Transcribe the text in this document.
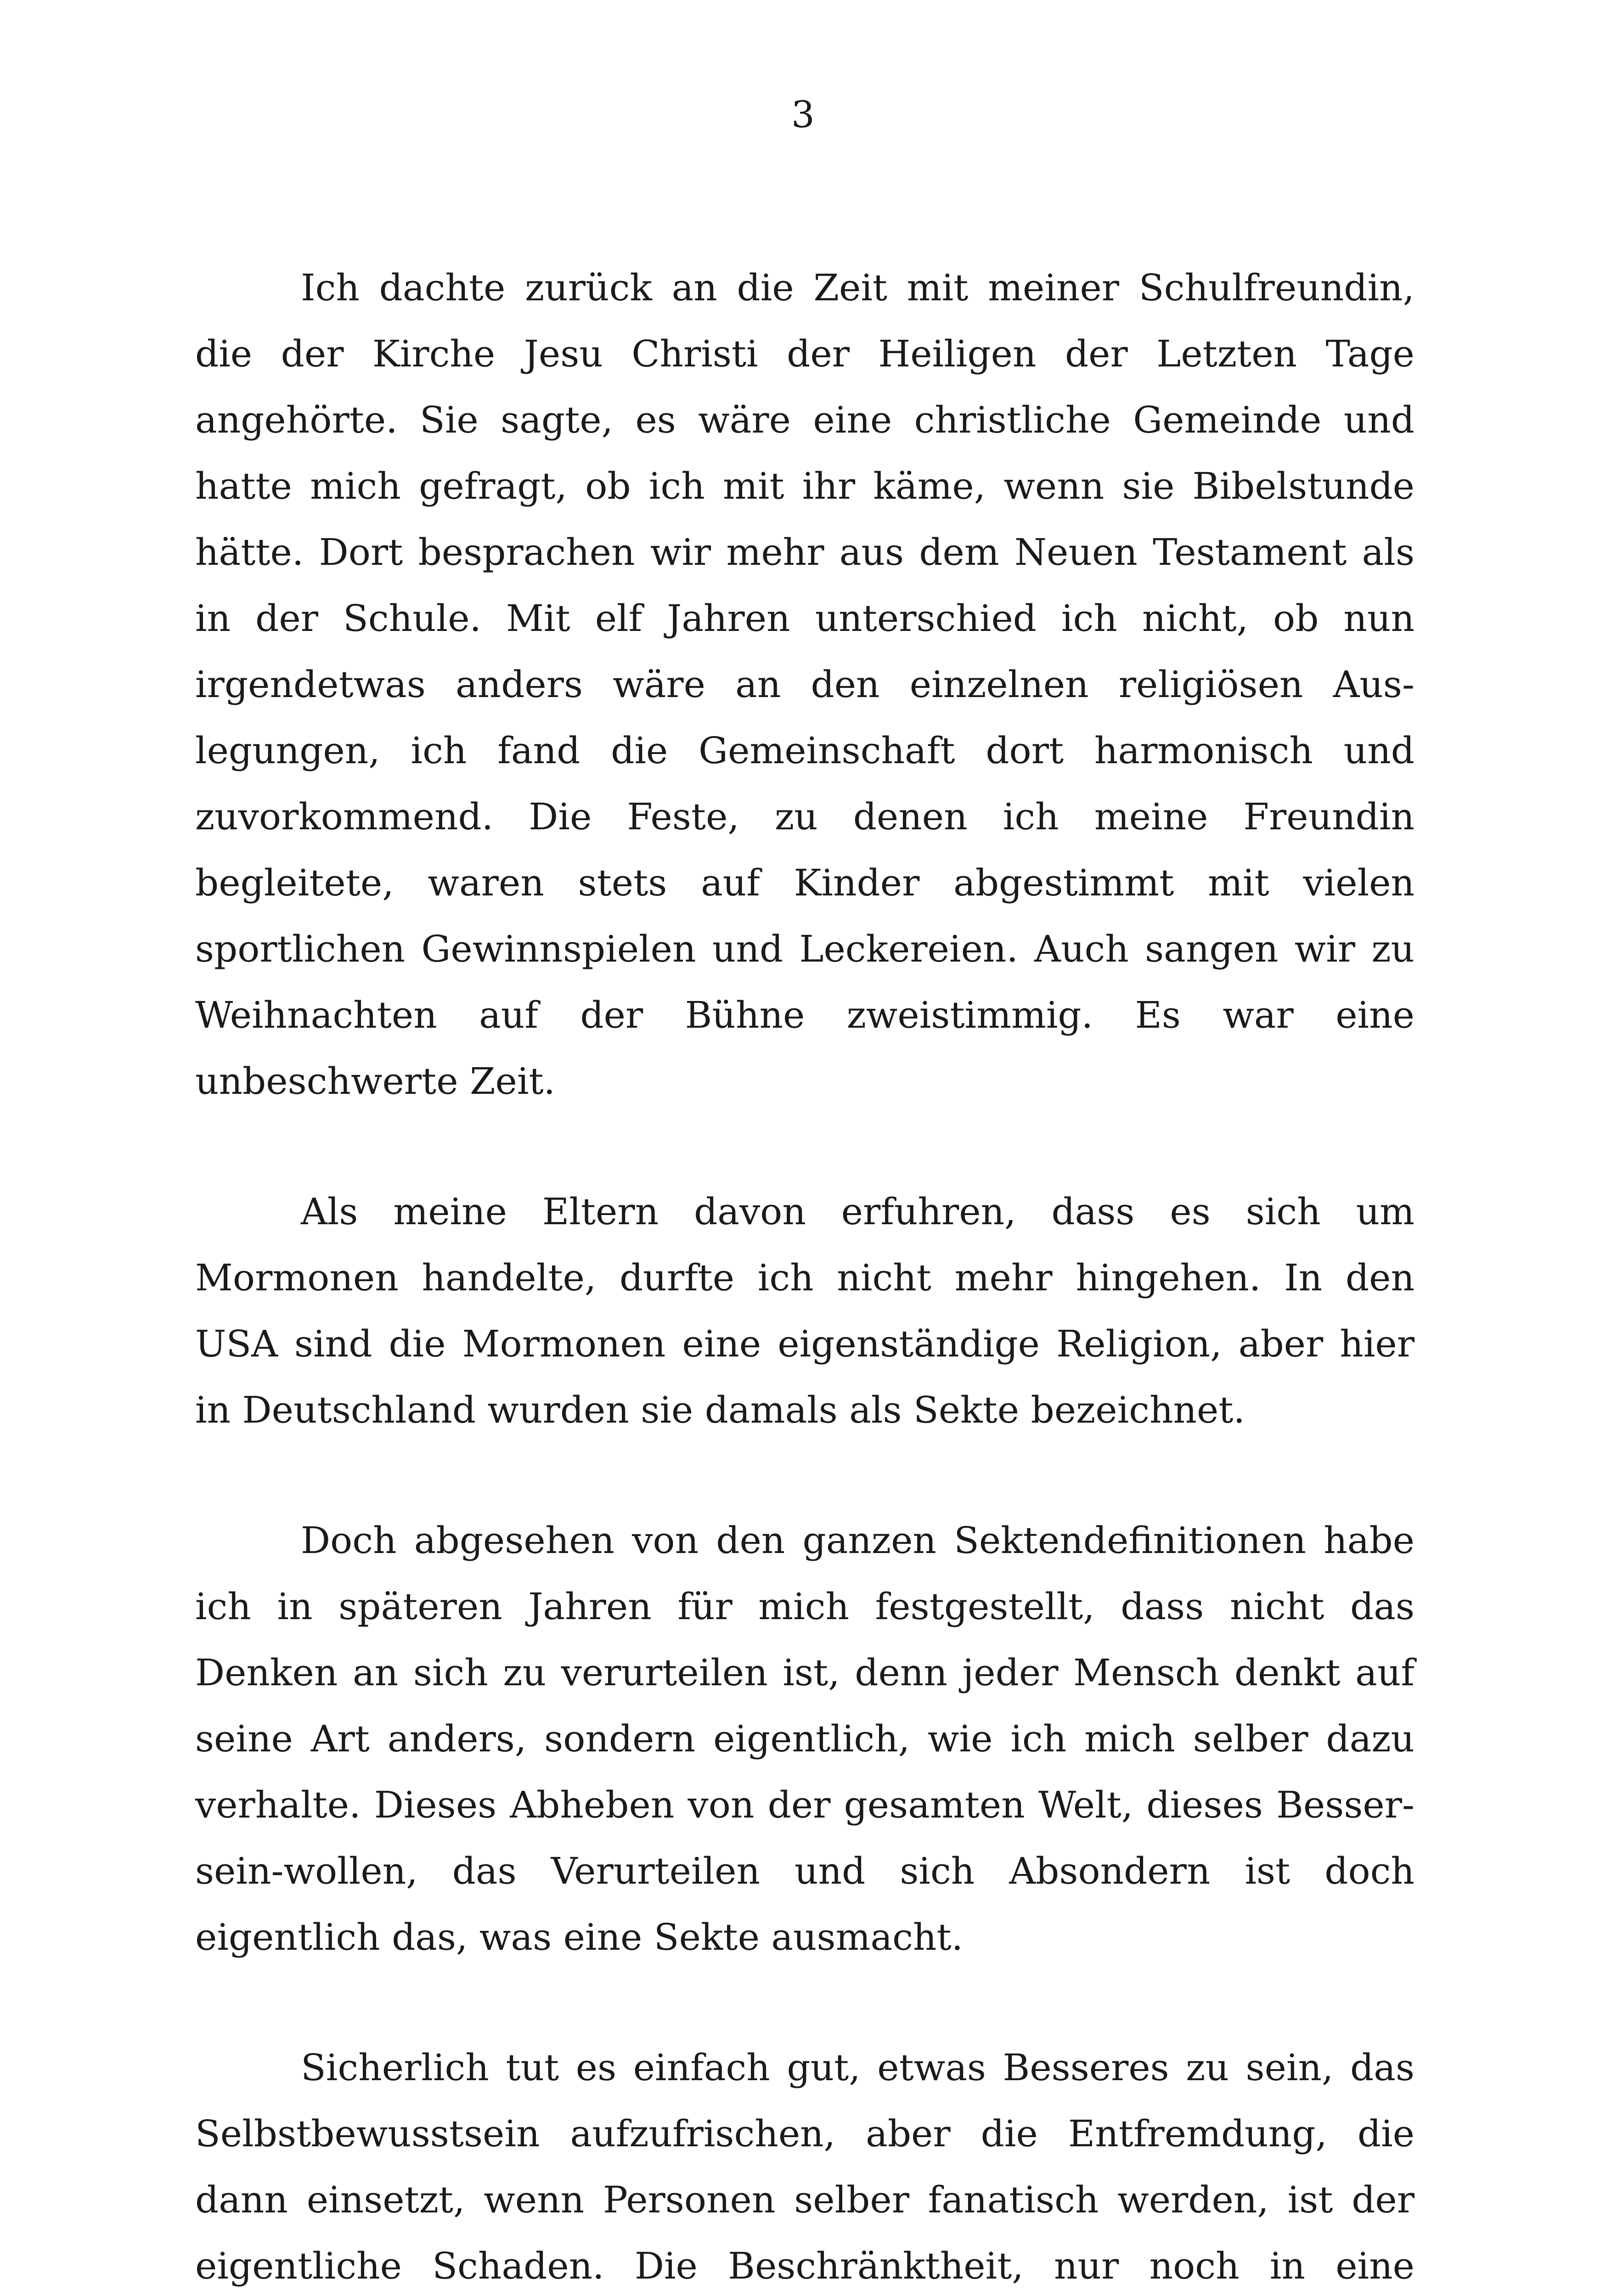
3

Ich dachte zurück an die Zeit mit meiner Schulfreundin, die der Kirche Jesu Christi der Heiligen der Letzten Tage angehörte. Sie sagte, es wäre eine christliche Gemeinde und hatte mich gefragt, ob ich mit ihr käme, wenn sie Bibelstunde hätte. Dort besprachen wir mehr aus dem Neuen Testament als in der Schule. Mit elf Jahren unterschied ich nicht, ob nun irgendetwas anders wäre an den einzelnen religiösen Auslegungen, ich fand die Gemeinschaft dort harmonisch und zuvorkommend. Die Feste, zu denen ich meine Freundin begleitete, waren stets auf Kinder abgestimmt mit vielen sportlichen Gewinnspielen und Leckereien. Auch sangen wir zu Weihnachten auf der Bühne zweistimmig. Es war eine unbeschwerte Zeit.

Als meine Eltern davon erfuhren, dass es sich um Mormonen handelte, durfte ich nicht mehr hingehen. In den USA sind die Mormonen eine eigenständige Religion, aber hier in Deutschland wurden sie damals als Sekte bezeichnet.

Doch abgesehen von den ganzen Sektendefinitionen habe ich in späteren Jahren für mich festgestellt, dass nicht das Denken an sich zu verurteilen ist, denn jeder Mensch denkt auf seine Art anders, sondern eigentlich, wie ich mich selber dazu verhalte. Dieses Abheben von der gesamten Welt, dieses Besser-sein-wollen, das Verurteilen und sich Absondern ist doch eigentlich das, was eine Sekte ausmacht.

Sicherlich tut es einfach gut, etwas Besseres zu sein, das Selbstbewusstsein aufzufrischen, aber die Entfremdung, die dann einsetzt, wenn Personen selber fanatisch werden, ist der eigentliche Schaden. Die Beschränktheit, nur noch in eine
